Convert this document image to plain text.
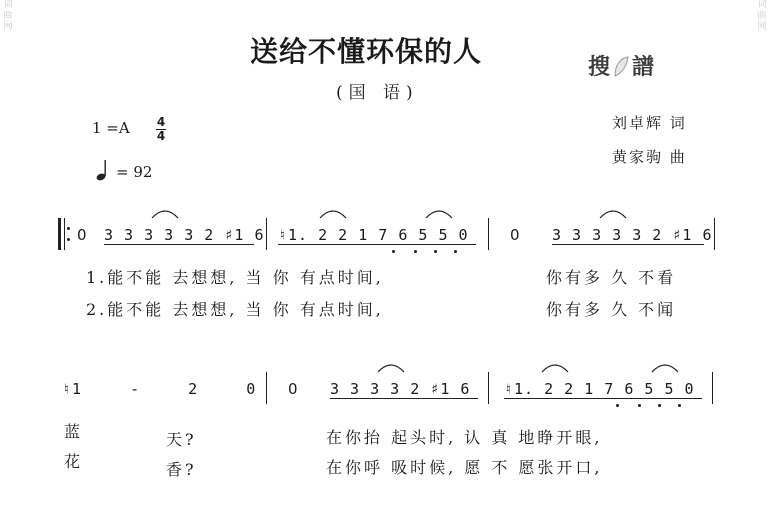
词
曲
网
词
曲
网
送给不懂环保的人
(国 语)
搜 譜
1 =A 4
4
= 92
刘卓辉 词
黄家驹 曲
0 3 3 3 3 3 2 ♯1 6 ♮1. 2 2 1 7 6 5 5 0	0 3 3 3 3 3 2 ♯1 6
1.能不能 去想想, 当 你 有点时间,	你有多 久 不看
2.能不能 去想想, 当 你 有点时间,	你有多 久 不闻
♮1 - 2 0 0 3 3 3 3 2 ♯1 6 ♮1. 2 2 1 7 6 5 5 0
蓝	天?	在你抬 起头时, 认 真 地睁开眼,
花	香?	在你呼 吸时候, 愿 不 愿张开口,
